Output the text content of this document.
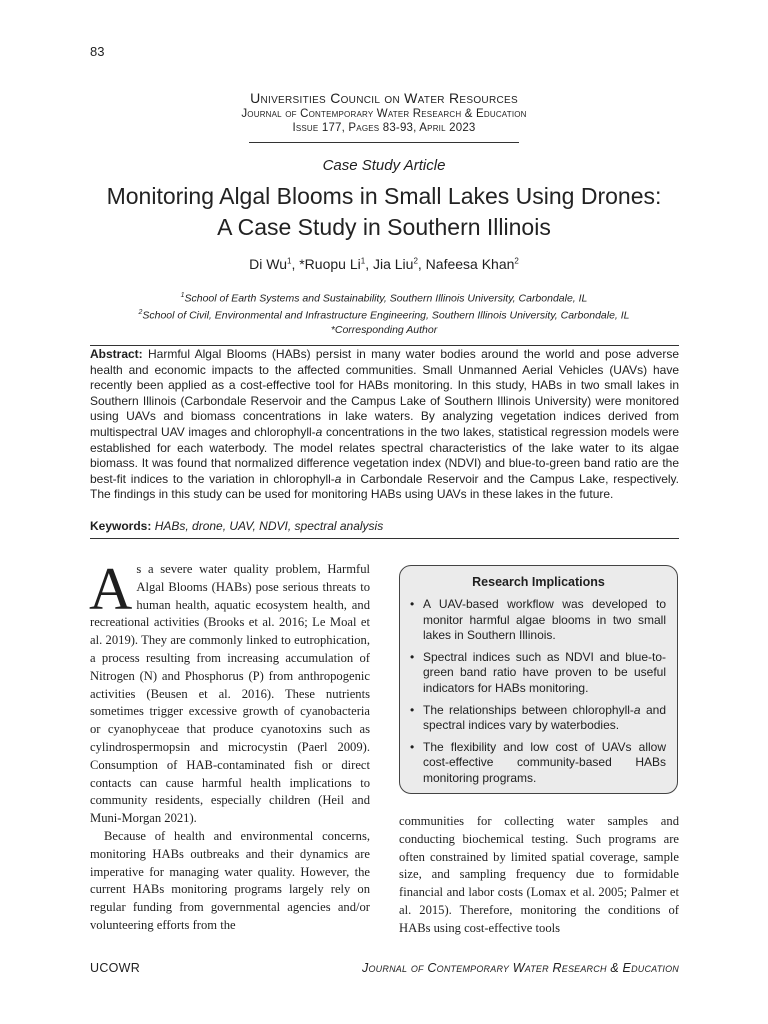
83
Universities Council on Water Resources
Journal of Contemporary Water Research & Education
Issue 177, Pages 83-93, April 2023
Case Study Article
Monitoring Algal Blooms in Small Lakes Using Drones:
A Case Study in Southern Illinois
Di Wu$^1$, *Ruopu Li$^1$, Jia Liu$^2$, Nafeesa Khan$^2$
$^1$School of Earth Systems and Sustainability, Southern Illinois University, Carbondale, IL
$^2$School of Civil, Environmental and Infrastructure Engineering, Southern Illinois University, Carbondale, IL
*Corresponding Author
Abstract: Harmful Algal Blooms (HABs) persist in many water bodies around the world and pose adverse health and economic impacts to the affected communities. Small Unmanned Aerial Vehicles (UAVs) have recently been applied as a cost-effective tool for HABs monitoring. In this study, HABs in two small lakes in Southern Illinois (Carbondale Reservoir and the Campus Lake of Southern Illinois University) were monitored using UAVs and biomass concentrations in lake waters. By analyzing vegetation indices derived from multispectral UAV images and chlorophyll-a concentrations in the two lakes, statistical regression models were established for each waterbody. The model relates spectral characteristics of the lake water to its algae biomass. It was found that normalized difference vegetation index (NDVI) and blue-to-green band ratio are the best-fit indices to the variation in chlorophyll-a in Carbondale Reservoir and the Campus Lake, respectively. The findings in this study can be used for monitoring HABs using UAVs in these lakes in the future.
Keywords: HABs, drone, UAV, NDVI, spectral analysis
A s a severe water quality problem, Harmful Algal Blooms (HABs) pose serious threats to human health, aquatic ecosystem health, and recreational activities (Brooks et al. 2016; Le Moal et al. 2019). They are commonly linked to eutrophication, a process resulting from increasing accumulation of Nitrogen (N) and Phosphorus (P) from anthropogenic activities (Beusen et al. 2016). These nutrients sometimes trigger excessive growth of cyanobacteria or cyanophyceae that produce cyanotoxins such as cylindrospermopsin and microcystin (Paerl 2009). Consumption of HAB-contaminated fish or direct contacts can cause harmful health implications to community residents, especially children (Heil and Muni-Morgan 2021).

Because of health and environmental concerns, monitoring HABs outbreaks and their dynamics are imperative for managing water quality. However, the current HABs monitoring programs largely rely on regular funding from governmental agencies and/or volunteering efforts from the

Research Implications
• A UAV-based workflow was developed to monitor harmful algae blooms in two small lakes in Southern Illinois.
• Spectral indices such as NDVI and blue-to-green band ratio have proven to be useful indicators for HABs monitoring.
• The relationships between chlorophyll-a and spectral indices vary by waterbodies.
• The flexibility and low cost of UAVs allow cost-effective community-based HABs monitoring programs.

communities for collecting water samples and conducting biochemical testing. Such programs are often constrained by limited spatial coverage, sample size, and sampling frequency due to formidable financial and labor costs (Lomax et al. 2005; Palmer et al. 2015). Therefore, monitoring the conditions of HABs using cost-effective tools

UCOWR	Journal of Contemporary Water Research & Education
